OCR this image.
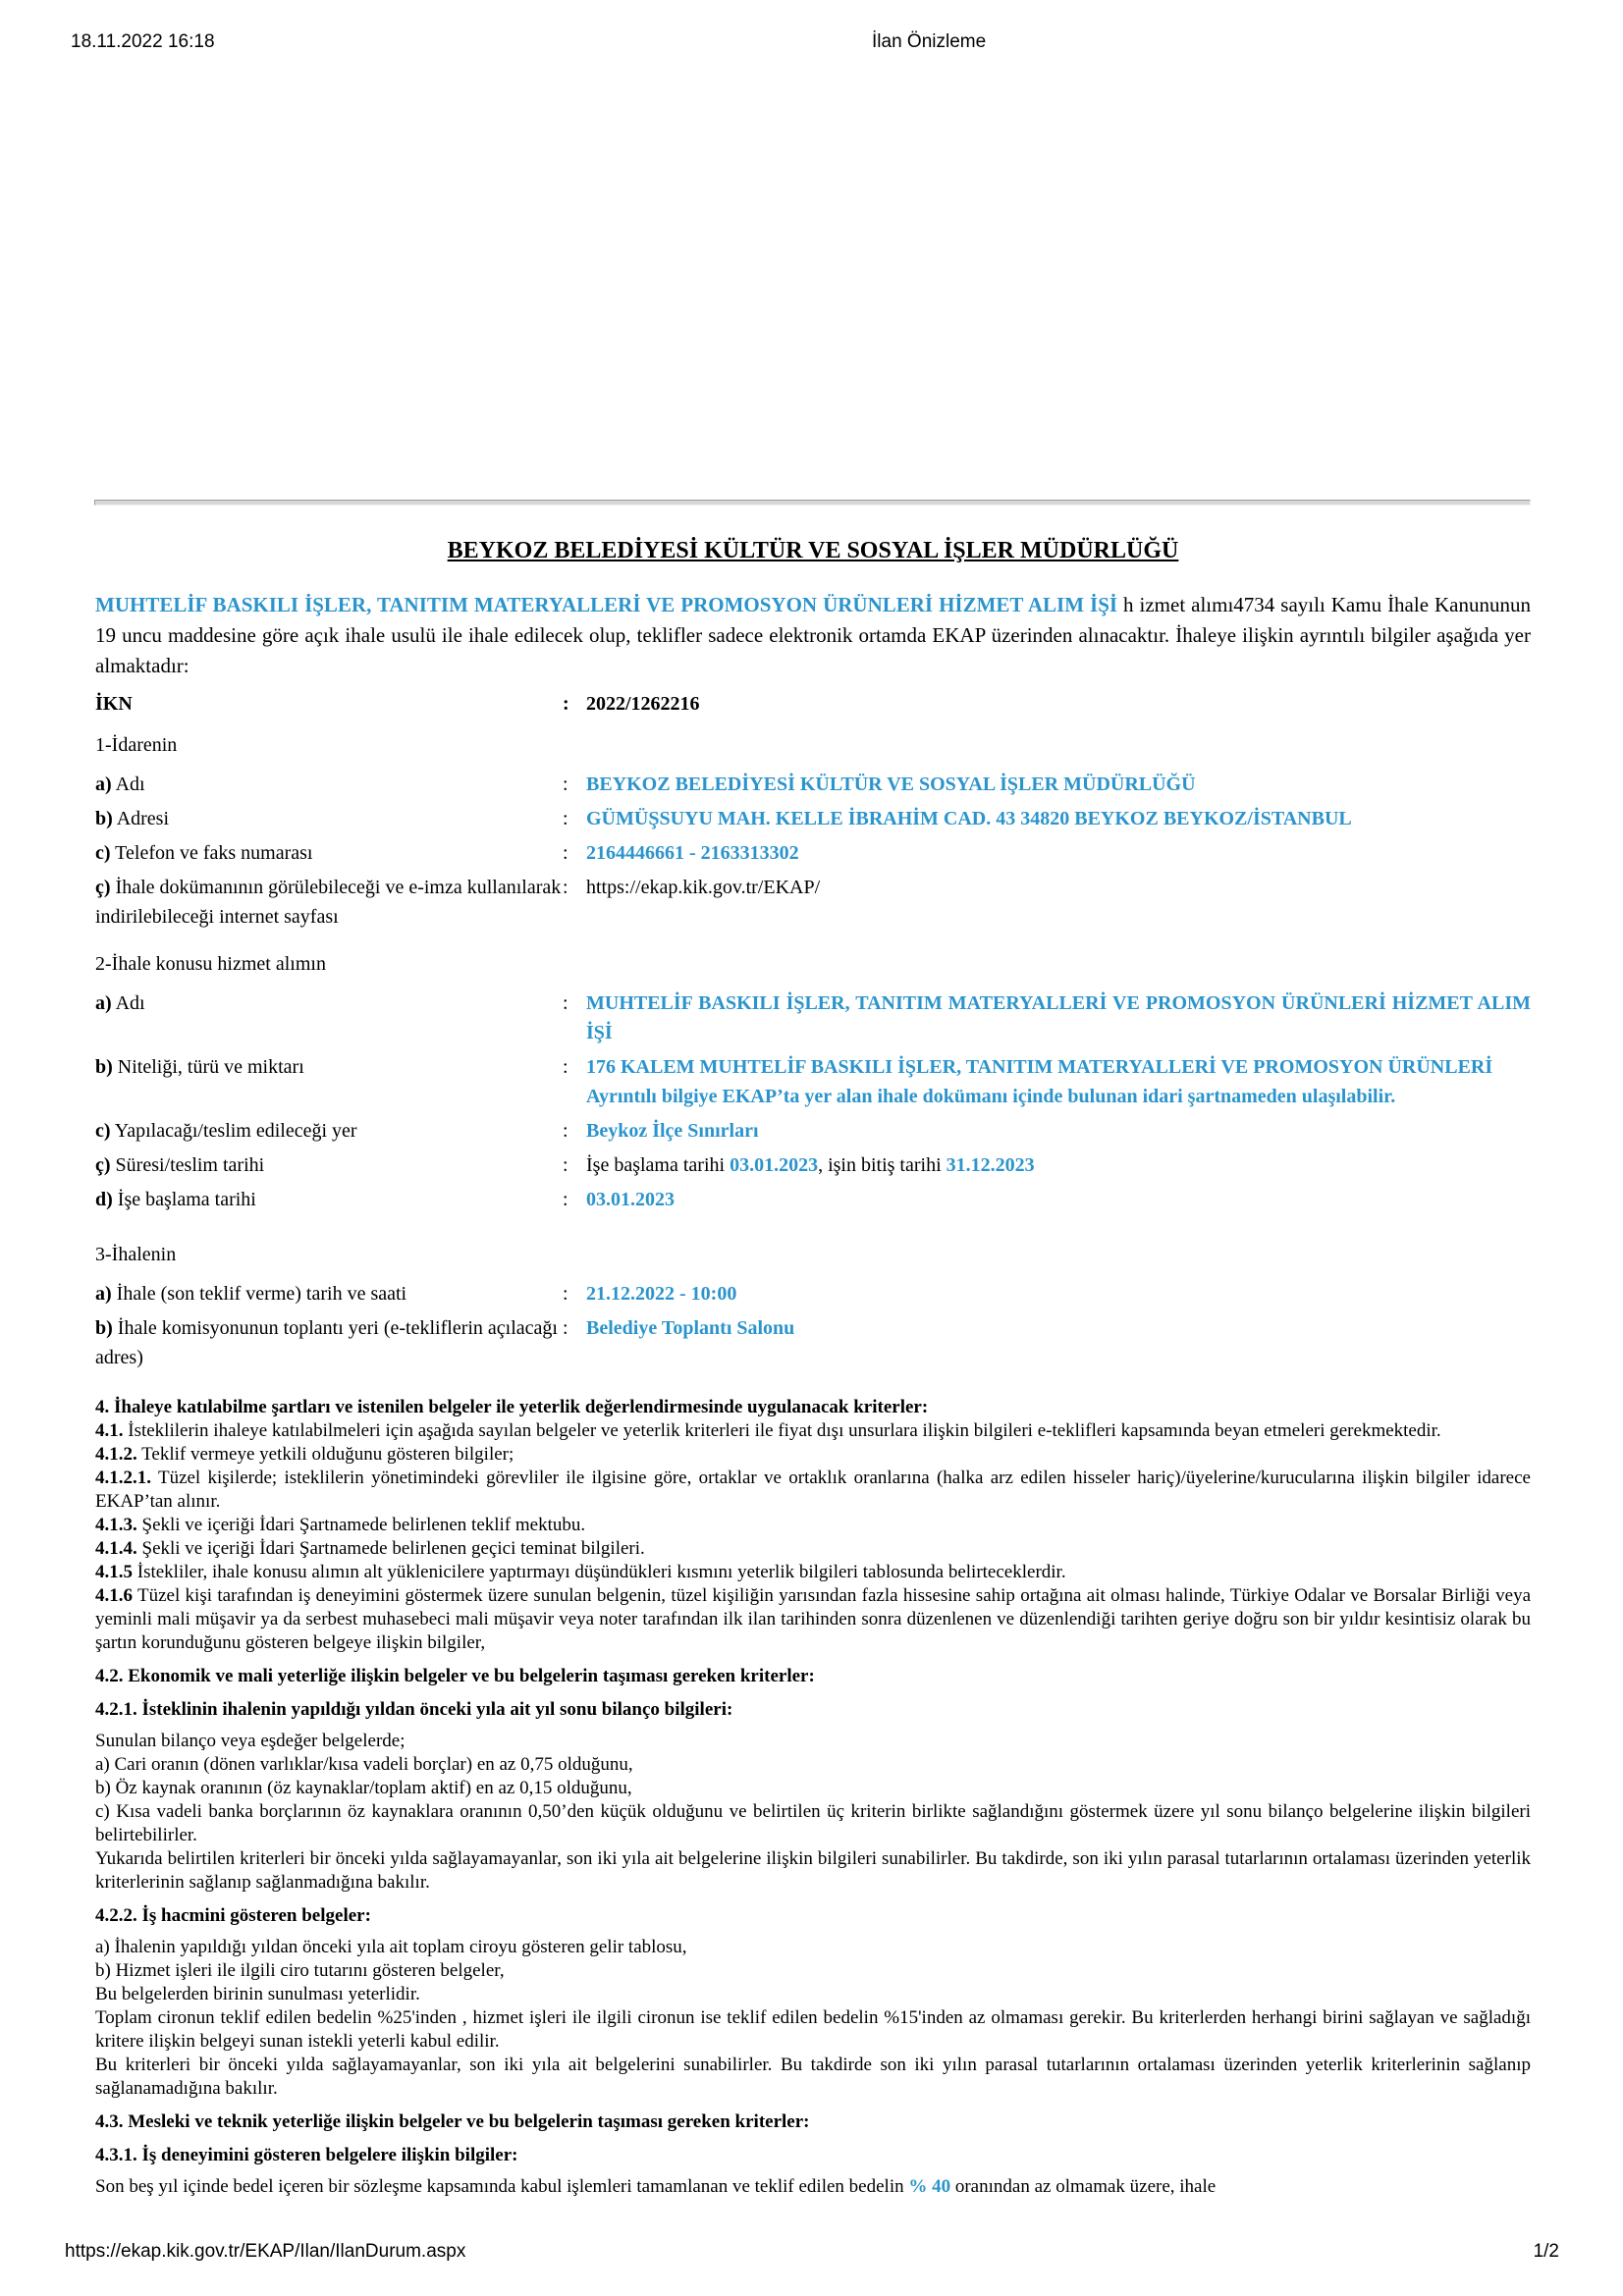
18.11.2022 16:18	İlan Önizleme

BEYKOZ BELEDİYESİ KÜLTÜR VE SOSYAL İŞLER MÜDÜRLÜĞÜ

MUHTELİF BASKILI İŞLER, TANITIM MATERYALLERİ VE PROMOSYON ÜRÜNLERİ HİZMET ALIM İŞİ h izmet alımı4734 sayılı Kamu İhale Kanununun 19 uncu maddesine göre açık ihale usulü ile ihale edilecek olup, teklifler sadece elektronik ortamda EKAP üzerinden alınacaktır. İhaleye ilişkin ayrıntılı bilgiler aşağıda yer almaktadır:

İKN	: 2022/1262216
1-İdarenin
a) Adı	: BEYKOZ BELEDİYESİ KÜLTÜR VE SOSYAL İŞLER MÜDÜRLÜĞÜ
b) Adresi	: GÜMÜŞSUYU MAH. KELLE İBRAHİM CAD. 43 34820 BEYKOZ BEYKOZ/İSTANBUL
c) Telefon ve faks numarası	: 2164446661 - 2163313302
ç) İhale dokümanının görülebileceği ve e-imza kullanılarak indirilebileceği internet sayfası
: https://ekap.kik.gov.tr/EKAP/
2-İhale konusu hizmet alımın
a) Adı	: MUHTELİF BASKILI İŞLER, TANITIM MATERYALLERİ VE PROMOSYON ÜRÜNLERİ HİZMET ALIM İŞİ
b) Niteliği, türü ve miktarı	: 176 KALEM MUHTELİF BASKILI İŞLER, TANITIM MATERYALLERİ VE PROMOSYON ÜRÜNLERİ
Ayrıntılı bilgiye EKAP’ta yer alan ihale dokümanı içinde bulunan idari şartnameden ulaşılabilir.
c) Yapılacağı/teslim edileceği yer	: Beykoz İlçe Sınırları
ç) Süresi/teslim tarihi	: İşe başlama tarihi 03.01.2023, işin bitiş tarihi 31.12.2023
d) İşe başlama tarihi	: 03.01.2023
3-İhalenin
a) İhale (son teklif verme) tarih ve saati	: 21.12.2022 - 10:00
b) İhale komisyonunun toplantı yeri (e-tekliflerin açılacağı adres)
: Belediye Toplantı Salonu

4. İhaleye katılabilme şartları ve istenilen belgeler ile yeterlik değerlendirmesinde uygulanacak kriterler:

4.1. İsteklilerin ihaleye katılabilmeleri için aşağıda sayılan belgeler ve yeterlik kriterleri ile fiyat dışı unsurlara ilişkin bilgileri e-teklifleri kapsamında beyan etmeleri gerekmektedir.

4.1.2. Teklif vermeye yetkili olduğunu gösteren bilgiler;

4.1.2.1. Tüzel kişilerde; isteklilerin yönetimindeki görevliler ile ilgisine göre, ortaklar ve ortaklık oranlarına (halka arz edilen hisseler hariç)/üyelerine/kurucularına ilişkin bilgiler idarece EKAP’tan alınır.

4.1.3. Şekli ve içeriği İdari Şartnamede belirlenen teklif mektubu.

4.1.4. Şekli ve içeriği İdari Şartnamede belirlenen geçici teminat bilgileri.

4.1.5 İstekliler, ihale konusu alımın alt yüklenicilere yaptırmayı düşündükleri kısmını yeterlik bilgileri tablosunda belirteceklerdir.

4.1.6 Tüzel kişi tarafından iş deneyimini göstermek üzere sunulan belgenin, tüzel kişiliğin yarısından fazla hissesine sahip ortağına ait olması halinde, Türkiye Odalar ve Borsalar Birliği veya yeminli mali müşavir ya da serbest muhasebeci mali müşavir veya noter tarafından ilk ilan tarihinden sonra düzenlenen ve düzenlendiği tarihten geriye doğru son bir yıldır kesintisiz olarak bu şartın korunduğunu gösteren belgeye ilişkin bilgiler,

4.2. Ekonomik ve mali yeterliğe ilişkin belgeler ve bu belgelerin taşıması gereken kriterler:

4.2.1. İsteklinin ihalenin yapıldığı yıldan önceki yıla ait yıl sonu bilanço bilgileri:

Sunulan bilanço veya eşdeğer belgelerde;

a) Cari oranın (dönen varlıklar/kısa vadeli borçlar) en az 0,75 olduğunu,

b) Öz kaynak oranının (öz kaynaklar/toplam aktif) en az 0,15 olduğunu,

c) Kısa vadeli banka borçlarının öz kaynaklara oranının 0,50’den küçük olduğunu ve belirtilen üç kriterin birlikte sağlandığını göstermek üzere yıl sonu bilanço belgelerine ilişkin bilgileri belirtebilirler.

Yukarıda belirtilen kriterleri bir önceki yılda sağlayamayanlar, son iki yıla ait belgelerine ilişkin bilgileri sunabilirler. Bu takdirde, son iki yılın parasal tutarlarının ortalaması üzerinden yeterlik kriterlerinin sağlanıp sağlanmadığına bakılır.

4.2.2. İş hacmini gösteren belgeler:

a) İhalenin yapıldığı yıldan önceki yıla ait toplam ciroyu gösteren gelir tablosu,

b) Hizmet işleri ile ilgili ciro tutarını gösteren belgeler,

Bu belgelerden birinin sunulması yeterlidir.

Toplam cironun teklif edilen bedelin %25'inden , hizmet işleri ile ilgili cironun ise teklif edilen bedelin %15'inden az olmaması gerekir. Bu kriterlerden herhangi birini sağlayan ve sağladığı kritere ilişkin belgeyi sunan istekli yeterli kabul edilir.

Bu kriterleri bir önceki yılda sağlayamayanlar, son iki yıla ait belgelerini sunabilirler. Bu takdirde son iki yılın parasal tutarlarının ortalaması üzerinden yeterlik kriterlerinin sağlanıp sağlanamadığına bakılır.

4.3. Mesleki ve teknik yeterliğe ilişkin belgeler ve bu belgelerin taşıması gereken kriterler:

4.3.1. İş deneyimini gösteren belgelere ilişkin bilgiler:

Son beş yıl içinde bedel içeren bir sözleşme kapsamında kabul işlemleri tamamlanan ve teklif edilen bedelin % 40 oranından az olmamak üzere, ihale

https://ekap.kik.gov.tr/EKAP/Ilan/IlanDurum.aspx	1/2
